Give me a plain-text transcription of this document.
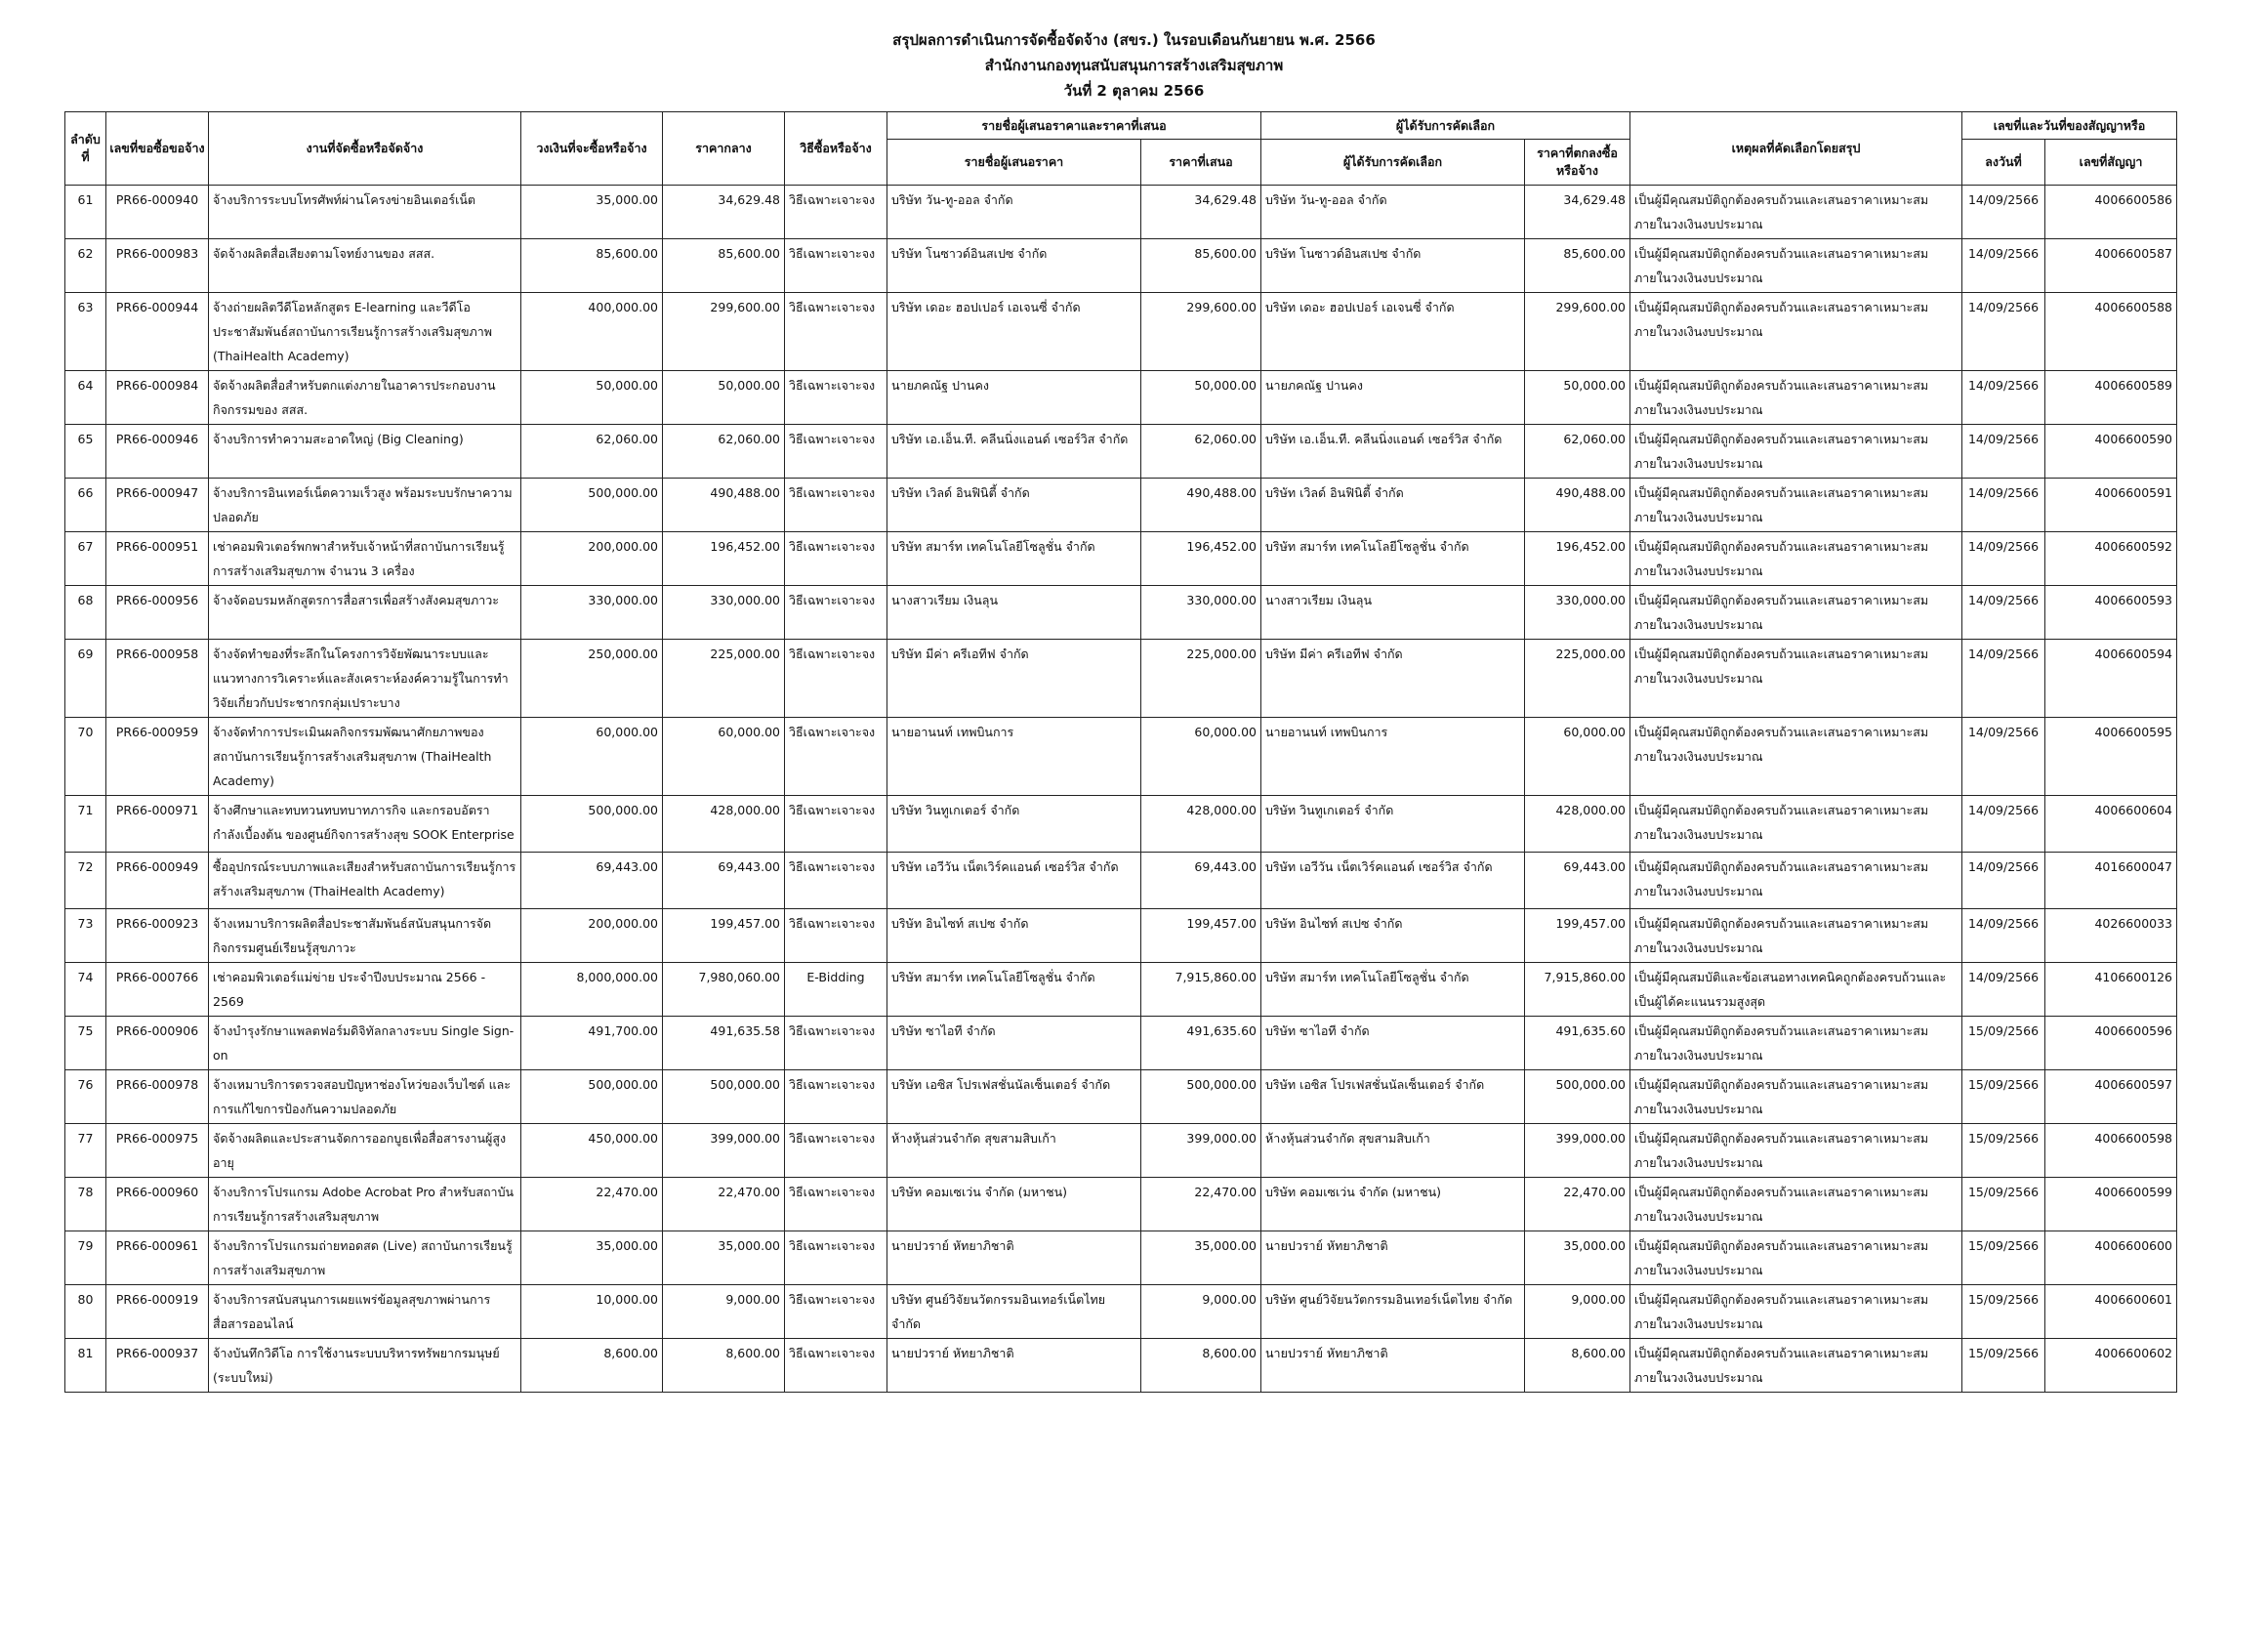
สรุปผลการดำเนินการจัดซื้อจัดจ้าง (สขร.) ในรอบเดือนกันยายน พ.ศ. 2566
สำนักงานกองทุนสนับสนุนการสร้างเสริมสุขภาพ
วันที่ 2 ตุลาคม 2566
ลำดับที่	เลขที่ขอซื้อขอจ้าง	งานที่จัดซื้อหรือจัดจ้าง	วงเงินที่จะซื้อหรือจ้าง	ราคากลาง	วิธีซื้อหรือจ้าง	รายชื่อผู้เสนอราคาและราคาที่เสนอ		ผู้ได้รับการคัดเลือก		เหตุผลที่คัดเลือกโดยสรุป	เลขที่และวันที่ของสัญญาหรือ	
						รายชื่อผู้เสนอราคา	ราคาที่เสนอ	ผู้ได้รับการคัดเลือก	ราคาที่ตกลงซื้อหรือจ้าง		ลงวันที่	เลขที่สัญญา
61	PR66-000940	จ้างบริการระบบโทรศัพท์ผ่านโครงข่ายอินเตอร์เน็ต	35,000.00	34,629.48	วิธีเฉพาะเจาะจง	บริษัท วัน-ทู-ออล จำกัด	34,629.48	บริษัท วัน-ทู-ออล จำกัด	34,629.48	เป็นผู้มีคุณสมบัติถูกต้องครบถ้วนและเสนอราคาเหมาะสมภายในวงเงินงบประมาณ	14/09/2566	4006600586
62	PR66-000983	จัดจ้างผลิตสื่อเสียงตามโจทย์งานของ สสส.	85,600.00	85,600.00	วิธีเฉพาะเจาะจง	บริษัท โนซาวด์อินสเปซ จำกัด	85,600.00	บริษัท โนซาวด์อินสเปซ จำกัด	85,600.00	เป็นผู้มีคุณสมบัติถูกต้องครบถ้วนและเสนอราคาเหมาะสมภายในวงเงินงบประมาณ	14/09/2566	4006600587
63	PR66-000944	จ้างถ่ายผลิตวีดีโอหลักสูตร E-learning และวีดีโอประชาสัมพันธ์สถาบันการเรียนรู้การสร้างเสริมสุขภาพ (ThaiHealth Academy)	400,000.00	299,600.00	วิธีเฉพาะเจาะจง	บริษัท เดอะ ฮอปเปอร์ เอเจนซี่ จำกัด	299,600.00	บริษัท เดอะ ฮอปเปอร์ เอเจนซี่ จำกัด	299,600.00	เป็นผู้มีคุณสมบัติถูกต้องครบถ้วนและเสนอราคาเหมาะสมภายในวงเงินงบประมาณ	14/09/2566	4006600588
64	PR66-000984	จัดจ้างผลิตสื่อสำหรับตกแต่งภายในอาคารประกอบงานกิจกรรมของ สสส.	50,000.00	50,000.00	วิธีเฉพาะเจาะจง	นายภคณัฐ ปานคง	50,000.00	นายภคณัฐ ปานคง	50,000.00	เป็นผู้มีคุณสมบัติถูกต้องครบถ้วนและเสนอราคาเหมาะสมภายในวงเงินงบประมาณ	14/09/2566	4006600589
65	PR66-000946	จ้างบริการทำความสะอาดใหญ่ (Big Cleaning)	62,060.00	62,060.00	วิธีเฉพาะเจาะจง	บริษัท เอ.เอ็น.ที. คลีนนิ่งแอนด์ เซอร์วิส จำกัด	62,060.00	บริษัท เอ.เอ็น.ที. คลีนนิ่งแอนด์ เซอร์วิส จำกัด	62,060.00	เป็นผู้มีคุณสมบัติถูกต้องครบถ้วนและเสนอราคาเหมาะสมภายในวงเงินงบประมาณ	14/09/2566	4006600590
66	PR66-000947	จ้างบริการอินเทอร์เน็ตความเร็วสูง พร้อมระบบรักษาความปลอดภัย	500,000.00	490,488.00	วิธีเฉพาะเจาะจง	บริษัท เวิลด์ อินฟินิตี้ จำกัด	490,488.00	บริษัท เวิลด์ อินฟินิตี้ จำกัด	490,488.00	เป็นผู้มีคุณสมบัติถูกต้องครบถ้วนและเสนอราคาเหมาะสมภายในวงเงินงบประมาณ	14/09/2566	4006600591
67	PR66-000951	เช่าคอมพิวเตอร์พกพาสำหรับเจ้าหน้าที่สถาบันการเรียนรู้การสร้างเสริมสุขภาพ จำนวน 3 เครื่อง	200,000.00	196,452.00	วิธีเฉพาะเจาะจง	บริษัท สมาร์ท เทคโนโลยีโซลูชั่น จำกัด	196,452.00	บริษัท สมาร์ท เทคโนโลยีโซลูชั่น จำกัด	196,452.00	เป็นผู้มีคุณสมบัติถูกต้องครบถ้วนและเสนอราคาเหมาะสมภายในวงเงินงบประมาณ	14/09/2566	4006600592
68	PR66-000956	จ้างจัดอบรมหลักสูตรการสื่อสารเพื่อสร้างสังคมสุขภาวะ	330,000.00	330,000.00	วิธีเฉพาะเจาะจง	นางสาวเรียม เงินลุน	330,000.00	นางสาวเรียม เงินลุน	330,000.00	เป็นผู้มีคุณสมบัติถูกต้องครบถ้วนและเสนอราคาเหมาะสมภายในวงเงินงบประมาณ	14/09/2566	4006600593
69	PR66-000958	จ้างจัดทำของที่ระลึกในโครงการวิจัยพัฒนาระบบและแนวทางการวิเคราะห์และสังเคราะห์องค์ความรู้ในการทำวิจัยเกี่ยวกับประชากรกลุ่มเปราะบาง	250,000.00	225,000.00	วิธีเฉพาะเจาะจง	บริษัท มีค่า ครีเอทีฟ จำกัด	225,000.00	บริษัท มีค่า ครีเอทีฟ จำกัด	225,000.00	เป็นผู้มีคุณสมบัติถูกต้องครบถ้วนและเสนอราคาเหมาะสมภายในวงเงินงบประมาณ	14/09/2566	4006600594
70	PR66-000959	จ้างจัดทำการประเมินผลกิจกรรมพัฒนาศักยภาพของสถาบันการเรียนรู้การสร้างเสริมสุขภาพ (ThaiHealth Academy)	60,000.00	60,000.00	วิธีเฉพาะเจาะจง	นายอานนท์ เทพบินการ	60,000.00	นายอานนท์ เทพบินการ	60,000.00	เป็นผู้มีคุณสมบัติถูกต้องครบถ้วนและเสนอราคาเหมาะสมภายในวงเงินงบประมาณ	14/09/2566	4006600595
71	PR66-000971	จ้างศึกษาและทบทวนทบทบาทภารกิจ และกรอบอัตรากำลังเบื้องต้น ของศูนย์กิจการสร้างสุข SOOK Enterprise	500,000.00	428,000.00	วิธีเฉพาะเจาะจง	บริษัท วินทูเกเตอร์ จำกัด	428,000.00	บริษัท วินทูเกเตอร์ จำกัด	428,000.00	เป็นผู้มีคุณสมบัติถูกต้องครบถ้วนและเสนอราคาเหมาะสมภายในวงเงินงบประมาณ	14/09/2566	4006600604
72	PR66-000949	ซื้ออุปกรณ์ระบบภาพและเสียงสำหรับสถาบันการเรียนรู้การสร้างเสริมสุขภาพ (ThaiHealth Academy)	69,443.00	69,443.00	วิธีเฉพาะเจาะจง	บริษัท เอวีวัน เน็ตเวิร์คแอนด์ เซอร์วิส จำกัด	69,443.00	บริษัท เอวีวัน เน็ตเวิร์คแอนด์ เซอร์วิส จำกัด	69,443.00	เป็นผู้มีคุณสมบัติถูกต้องครบถ้วนและเสนอราคาเหมาะสมภายในวงเงินงบประมาณ	14/09/2566	4016600047
73	PR66-000923	จ้างเหมาบริการผลิตสื่อประชาสัมพันธ์สนับสนุนการจัดกิจกรรมศูนย์เรียนรู้สุขภาวะ	200,000.00	199,457.00	วิธีเฉพาะเจาะจง	บริษัท อินไซท์ สเปซ จำกัด	199,457.00	บริษัท อินไซท์ สเปซ จำกัด	199,457.00	เป็นผู้มีคุณสมบัติถูกต้องครบถ้วนและเสนอราคาเหมาะสมภายในวงเงินงบประมาณ	14/09/2566	4026600033
74	PR66-000766	เช่าคอมพิวเตอร์แม่ข่าย ประจำปีงบประมาณ 2566 - 2569	8,000,000.00	7,980,060.00	E-Bidding	บริษัท สมาร์ท เทคโนโลยีโซลูชั่น จำกัด	7,915,860.00	บริษัท สมาร์ท เทคโนโลยีโซลูชั่น จำกัด	7,915,860.00	เป็นผู้มีคุณสมบัติและข้อเสนอทางเทคนิคถูกต้องครบถ้วนและเป็นผู้ได้คะแนนรวมสูงสุด	14/09/2566	4106600126
75	PR66-000906	จ้างบำรุงรักษาแพลตฟอร์มดิจิทัลกลางระบบ Single Sign-on	491,700.00	491,635.58	วิธีเฉพาะเจาะจง	บริษัท ซาไอที จำกัด	491,635.60	บริษัท ซาไอที จำกัด	491,635.60	เป็นผู้มีคุณสมบัติถูกต้องครบถ้วนและเสนอราคาเหมาะสมภายในวงเงินงบประมาณ	15/09/2566	4006600596
76	PR66-000978	จ้างเหมาบริการตรวจสอบปัญหาช่องโหว่ของเว็บไซต์ และการแก้ไขการป้องกันความปลอดภัย	500,000.00	500,000.00	วิธีเฉพาะเจาะจง	บริษัท เอซิส โปรเฟสชั่นนัลเซ็นเตอร์ จำกัด	500,000.00	บริษัท เอซิส โปรเฟสชั่นนัลเซ็นเตอร์ จำกัด	500,000.00	เป็นผู้มีคุณสมบัติถูกต้องครบถ้วนและเสนอราคาเหมาะสมภายในวงเงินงบประมาณ	15/09/2566	4006600597
77	PR66-000975	จัดจ้างผลิตและประสานจัดการออกบูธเพื่อสื่อสารงานผู้สูงอายุ	450,000.00	399,000.00	วิธีเฉพาะเจาะจง	ห้างหุ้นส่วนจำกัด สุขสามสิบเก้า	399,000.00	ห้างหุ้นส่วนจำกัด สุขสามสิบเก้า	399,000.00	เป็นผู้มีคุณสมบัติถูกต้องครบถ้วนและเสนอราคาเหมาะสมภายในวงเงินงบประมาณ	15/09/2566	4006600598
78	PR66-000960	จ้างบริการโปรแกรม Adobe Acrobat Pro สำหรับสถาบันการเรียนรู้การสร้างเสริมสุขภาพ	22,470.00	22,470.00	วิธีเฉพาะเจาะจง	บริษัท คอมเซเว่น จำกัด (มหาชน)	22,470.00	บริษัท คอมเซเว่น จำกัด (มหาชน)	22,470.00	เป็นผู้มีคุณสมบัติถูกต้องครบถ้วนและเสนอราคาเหมาะสมภายในวงเงินงบประมาณ	15/09/2566	4006600599
79	PR66-000961	จ้างบริการโปรแกรมถ่ายทอดสด (Live) สถาบันการเรียนรู้การสร้างเสริมสุขภาพ	35,000.00	35,000.00	วิธีเฉพาะเจาะจง	นายปวราย์ หัทยาภิชาติ	35,000.00	นายปวราย์ หัทยาภิชาติ	35,000.00	เป็นผู้มีคุณสมบัติถูกต้องครบถ้วนและเสนอราคาเหมาะสมภายในวงเงินงบประมาณ	15/09/2566	4006600600
80	PR66-000919	จ้างบริการสนับสนุนการเผยแพร่ข้อมูลสุขภาพผ่านการสื่อสารออนไลน์	10,000.00	9,000.00	วิธีเฉพาะเจาะจง	บริษัท ศูนย์วิจัยนวัตกรรมอินเทอร์เน็ตไทย จำกัด	9,000.00	บริษัท ศูนย์วิจัยนวัตกรรมอินเทอร์เน็ตไทย จำกัด	9,000.00	เป็นผู้มีคุณสมบัติถูกต้องครบถ้วนและเสนอราคาเหมาะสมภายในวงเงินงบประมาณ	15/09/2566	4006600601
81	PR66-000937	จ้างบันทึกวิดีโอ การใช้งานระบบบริหารทรัพยากรมนุษย์ (ระบบใหม่)	8,600.00	8,600.00	วิธีเฉพาะเจาะจง	นายปวราย์ หัทยาภิชาติ	8,600.00	นายปวราย์ หัทยาภิชาติ	8,600.00	เป็นผู้มีคุณสมบัติถูกต้องครบถ้วนและเสนอราคาเหมาะสมภายในวงเงินงบประมาณ	15/09/2566	4006600602
